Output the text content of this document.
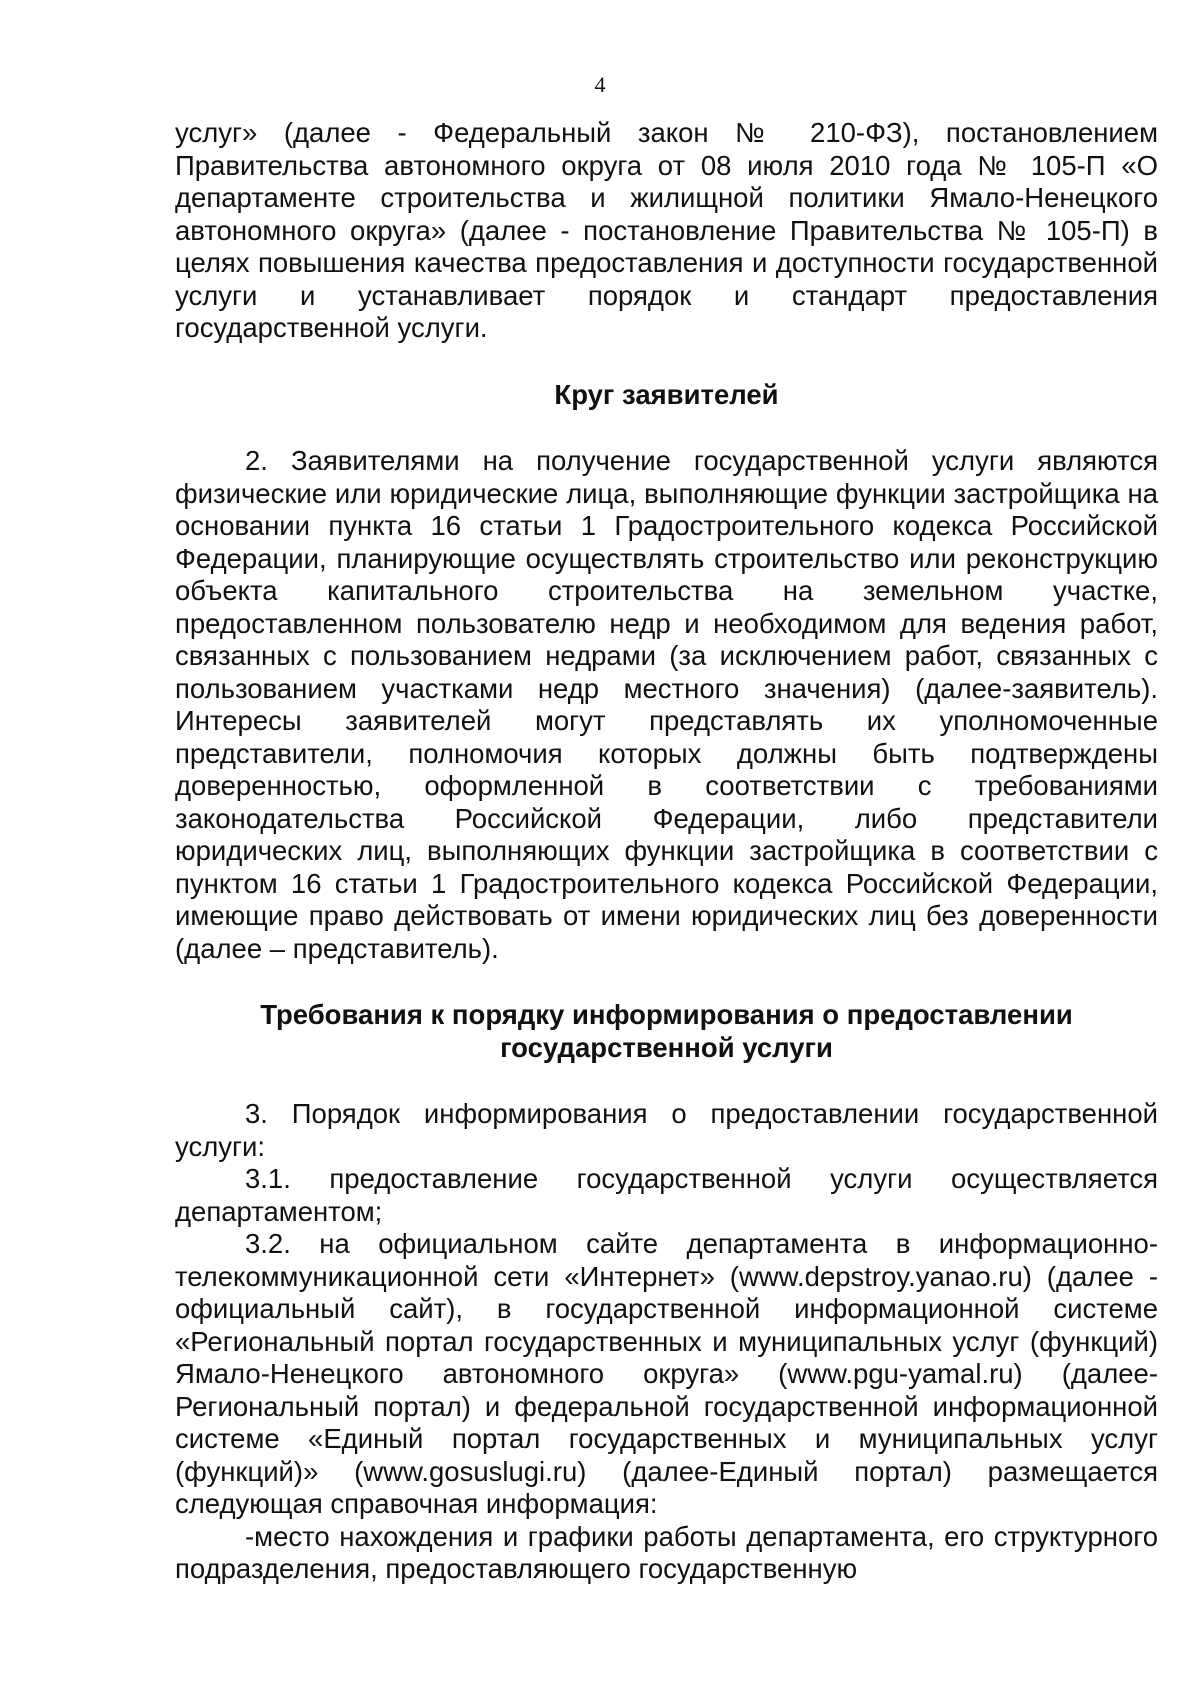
4

услуг» (далее - Федеральный закон № 210-ФЗ), постановлением Правительства автономного округа от 08 июля 2010 года № 105-П «О департаменте строительства и жилищной политики Ямало-Ненецкого автономного округа» (далее - постановление Правительства № 105-П) в целях повышения качества предоставления и доступности государственной услуги и устанавливает порядок и стандарт предоставления государственной услуги.

Круг заявителей

2. Заявителями на получение государственной услуги являются физические или юридические лица, выполняющие функции застройщика на основании пункта 16 статьи 1 Градостроительного кодекса Российской Федерации, планирующие осуществлять строительство или реконструкцию объекта капитального строительства на земельном участке, предоставленном пользователю недр и необходимом для ведения работ, связанных с пользованием недрами (за исключением работ, связанных с пользованием участками недр местного значения) (далее-заявитель). Интересы заявителей могут представлять их уполномоченные представители, полномочия которых должны быть подтверждены доверенностью, оформленной в соответствии с требованиями законодательства Российской Федерации, либо представители юридических лиц, выполняющих функции застройщика в соответствии с пунктом 16 статьи 1 Градостроительного кодекса Российской Федерации, имеющие право действовать от имени юридических лиц без доверенности (далее – представитель).

Требования к порядку информирования о предоставлении
государственной услуги

3. Порядок информирования о предоставлении государственной услуги:

3.1. предоставление государственной услуги осуществляется департаментом;

3.2. на официальном сайте департамента в информационно-телекоммуникационной сети «Интернет» (www.depstroy.yanao.ru) (далее - официальный сайт), в государственной информационной системе «Региональный портал государственных и муниципальных услуг (функций) Ямало-Ненецкого автономного округа» (www.pgu-yamal.ru) (далее-Региональный портал) и федеральной государственной информационной системе «Единый портал государственных и муниципальных услуг (функций)» (www.gosuslugi.ru) (далее-Единый портал) размещается следующая справочная информация:

-место нахождения и графики работы департамента, его структурного подразделения, предоставляющего государственную
